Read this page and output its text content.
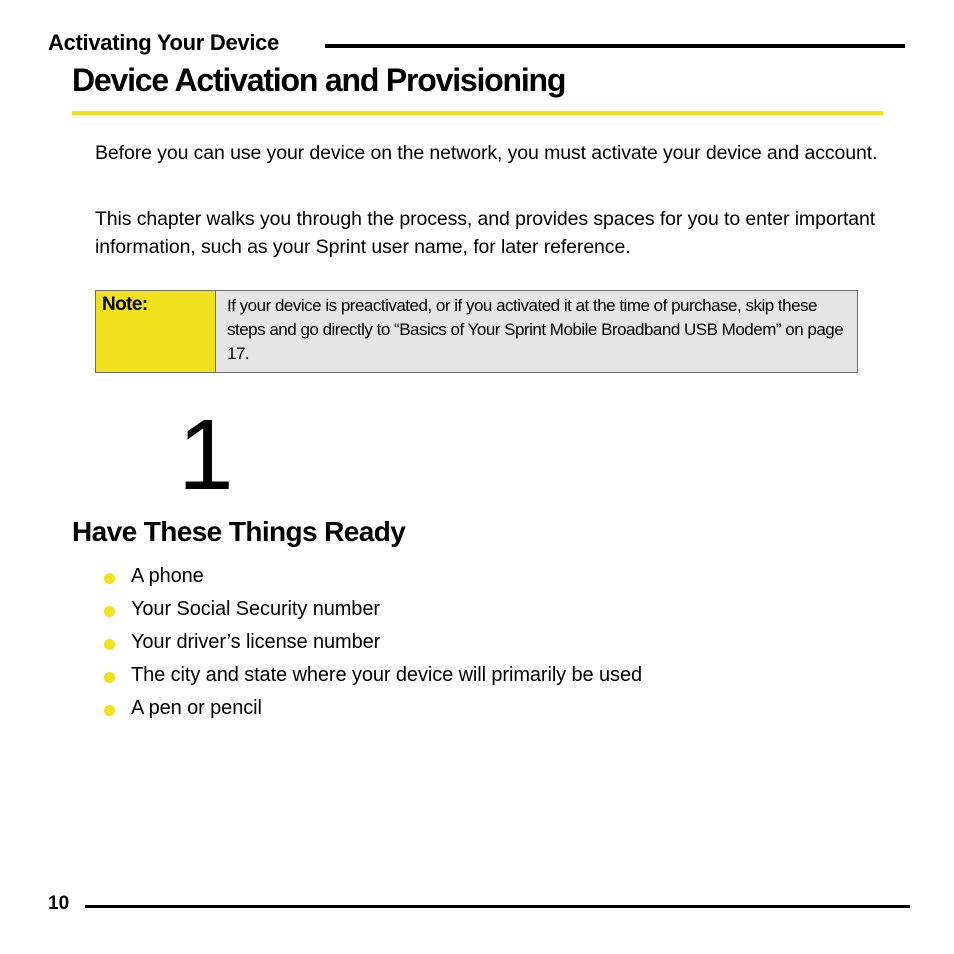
Activating Your Device
Device Activation and Provisioning

Before you can use your device on the network, you must activate your device and account.

This chapter walks you through the process, and provides spaces for you to enter important information, such as your Sprint user name, for later reference.

Note:	If your device is preactivated, or if you activated it at the time of purchase, skip these steps and go directly to “Basics of Your Sprint Mobile Broadband USB Modem” on page 17.
1
Have These Things Ready
A phone
Your Social Security number
Your driver’s license number
The city and state where your device will primarily be used
A pen or pencil
10
